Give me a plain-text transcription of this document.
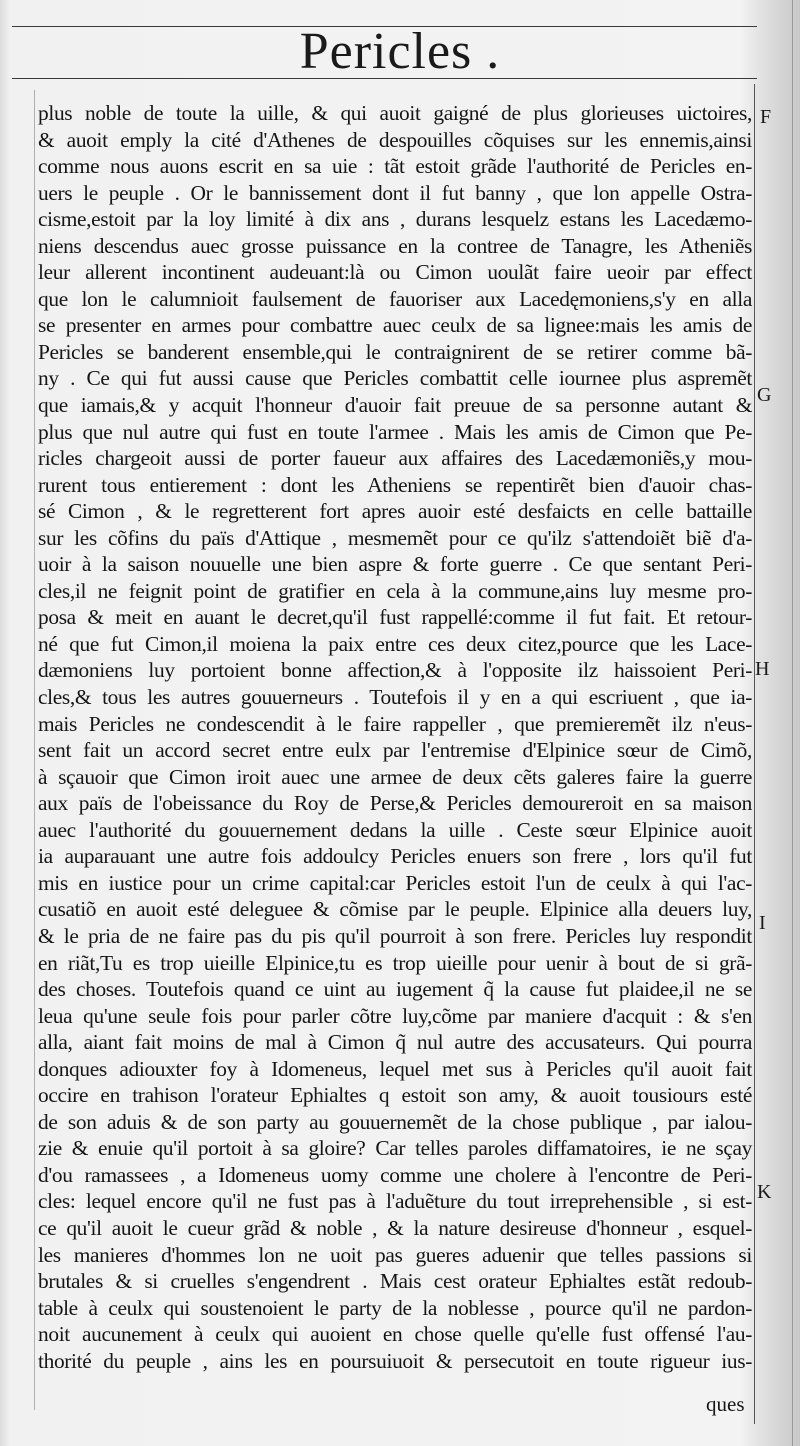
Pericles .
plus noble de toute la uille, & qui auoit gaigné de plus glorieuses uictoires,
& auoit emply la cité d'Athenes de despouilles cõquises sur les ennemis,ainsi
comme nous auons escrit en sa uie : tãt estoit grãde l'authorité de Pericles en-
uers le peuple . Or le bannissement dont il fut banny , que lon appelle Ostra-
cisme,estoit par la loy limité à dix ans , durans lesquelz estans les Lacedæmo-
niens descendus auec grosse puissance en la contree de Tanagre, les Atheniẽs
leur allerent incontinent audeuant:là ou Cimon uoulãt faire ueoir par effect
que lon le calumnioit faulsement de fauoriser aux Lacedęmoniens,s'y en alla
se presenter en armes pour combattre auec ceulx de sa lignee:mais les amis de
Pericles se banderent ensemble,qui le contraignirent de se retirer comme bã-
ny . Ce qui fut aussi cause que Pericles combattit celle iournee plus aspremẽt
que iamais,& y acquit l'honneur d'auoir fait preuue de sa personne autant &
plus que nul autre qui fust en toute l'armee . Mais les amis de Cimon que Pe-
ricles chargeoit aussi de porter faueur aux affaires des Lacedæmoniẽs,y mou-
rurent tous entierement : dont les Atheniens se repentirẽt bien d'auoir chas-
sé Cimon , & le regretterent fort apres auoir esté desfaicts en celle battaille
sur les cõfins du païs d'Attique , mesmemẽt pour ce qu'ilz s'attendoiẽt biẽ d'a-
uoir à la saison nouuelle une bien aspre & forte guerre . Ce que sentant Peri-
cles,il ne feignit point de gratifier en cela à la commune,ains luy mesme pro-
posa & meit en auant le decret,qu'il fust rappellé:comme il fut fait. Et retour-
né que fut Cimon,il moiena la paix entre ces deux citez,pource que les Lace-
dæmoniens luy portoient bonne affection,& à l'opposite ilz haissoient Peri-
cles,& tous les autres gouuerneurs . Toutefois il y en a qui escriuent , que ia-
mais Pericles ne condescendit à le faire rappeller , que premieremẽt ilz n'eus-
sent fait un accord secret entre eulx par l'entremise d'Elpinice sœur de Cimõ,
à sçauoir que Cimon iroit auec une armee de deux cẽts galeres faire la guerre
aux païs de l'obeissance du Roy de Perse,& Pericles demoureroit en sa maison
auec l'authorité du gouuernement dedans la uille . Ceste sœur Elpinice auoit
ia auparauant une autre fois addoulcy Pericles enuers son frere , lors qu'il fut
mis en iustice pour un crime capital:car Pericles estoit l'un de ceulx à qui l'ac-
cusatiõ en auoit esté deleguee & cõmise par le peuple. Elpinice alla deuers luy,
& le pria de ne faire pas du pis qu'il pourroit à son frere. Pericles luy respondit
en riãt,Tu es trop uieille Elpinice,tu es trop uieille pour uenir à bout de si grã-
des choses. Toutefois quand ce uint au iugement q̃ la cause fut plaidee,il ne se
leua qu'une seule fois pour parler cõtre luy,cõme par maniere d'acquit : & s'en
alla, aiant fait moins de mal à Cimon q̃ nul autre des accusateurs. Qui pourra
donques adiouxter foy à Idomeneus, lequel met sus à Pericles qu'il auoit fait
occire en trahison l'orateur Ephialtes q estoit son amy, & auoit tousiours esté
de son aduis & de son party au gouuernemẽt de la chose publique , par ialou-
zie & enuie qu'il portoit à sa gloire? Car telles paroles diffamatoires, ie ne sçay
d'ou ramassees , a Idomeneus uomy comme une cholere à l'encontre de Peri-
cles: lequel encore qu'il ne fust pas à l'aduẽture du tout irreprehensible , si est-
ce qu'il auoit le cueur grãd & noble , & la nature desireuse d'honneur , esquel-
les manieres d'hommes lon ne uoit pas gueres aduenir que telles passions si
brutales & si cruelles s'engendrent . Mais cest orateur Ephialtes estãt redoub-
table à ceulx qui soustenoient le party de la noblesse , pource qu'il ne pardon-
noit aucunement à ceulx qui auoient en chose quelle qu'elle fust offensé l'au-
thorité du peuple , ains les en poursuiuoit & persecutoit en toute rigueur ius-
F
G
H
I
K
ques
